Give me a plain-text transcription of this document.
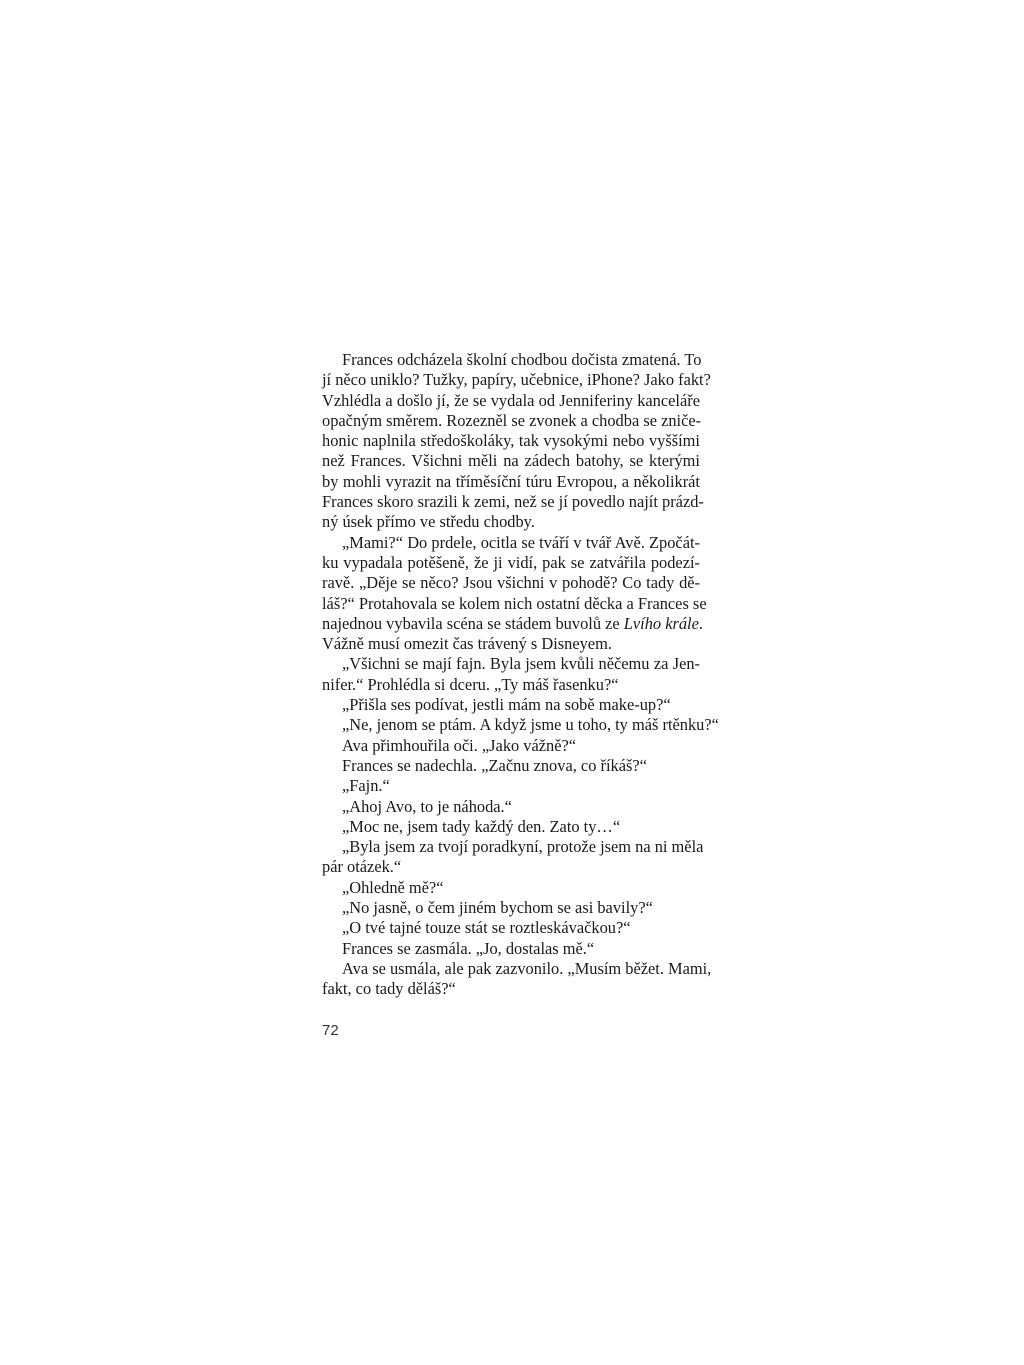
Frances odcházela školní chodbou dočista zmatená. To
jí něco uniklo? Tužky, papíry, učebnice, iPhone? Jako fakt?
Vzhlédla a došlo jí, že se vydala od Jenniferiny kanceláře
opačným směrem. Rozezněl se zvonek a chodba se zniče-
honic naplnila středoškoláky, tak vysokými nebo vyššími
než Frances. Všichni měli na zádech batohy, se kterými
by mohli vyrazit na tříměsíční túru Evropou, a několikrát
Frances skoro srazili k zemi, než se jí povedlo najít prázd-
ný úsek přímo ve středu chodby.
„Mami?“ Do prdele, ocitla se tváří v tvář Avě. Zpočát-
ku vypadala potěšeně, že ji vidí, pak se zatvářila podezí-
ravě. „Děje se něco? Jsou všichni v pohodě? Co tady dě-
láš?“ Protahovala se kolem nich ostatní děcka a Frances se
najednou vybavila scéna se stádem buvolů ze Lvího krále.
Vážně musí omezit čas trávený s Disneyem.
„Všichni se mají fajn. Byla jsem kvůli něčemu za Jen-
nifer.“ Prohlédla si dceru. „Ty máš řasenku?“
„Přišla ses podívat, jestli mám na sobě make-up?“
„Ne, jenom se ptám. A když jsme u toho, ty máš rtěnku?“
Ava přimhouřila oči. „Jako vážně?“
Frances se nadechla. „Začnu znova, co říkáš?“
„Fajn.“
„Ahoj Avo, to je náhoda.“
„Moc ne, jsem tady každý den. Zato ty…“
„Byla jsem za tvojí poradkyní, protože jsem na ni měla
pár otázek.“
„Ohledně mě?“
„No jasně, o čem jiném bychom se asi bavily?“
„O tvé tajné touze stát se roztleskávačkou?“
Frances se zasmála. „Jo, dostalas mě.“
Ava se usmála, ale pak zazvonilo. „Musím běžet. Mami,
fakt, co tady děláš?“
72
